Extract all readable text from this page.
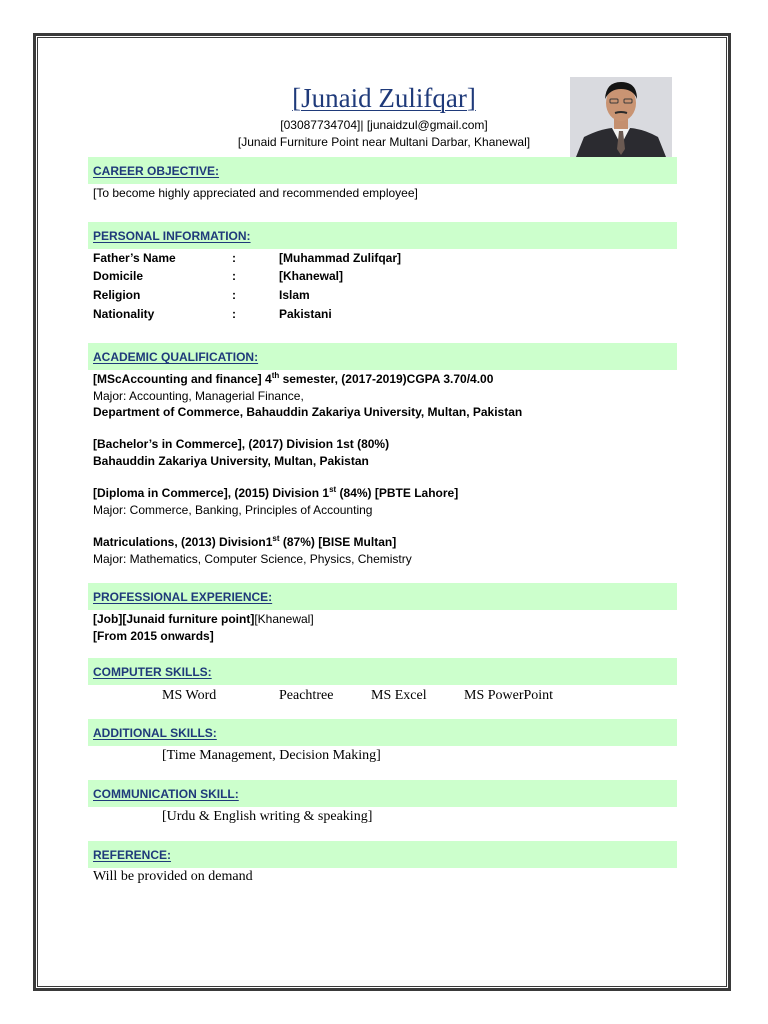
[Junaid Zulifqar]
[03087734704]| [junaidzul@gmail.com]
[Junaid Furniture Point near Multani Darbar, Khanewal]
CAREER OBJECTIVE:
[To become highly appreciated and recommended employee]
PERSONAL INFORMATION:
Father’s Name	:	[Muhammad Zulifqar]
Domicile	:	[Khanewal]
Religion	:	Islam
Nationality	:	Pakistani
ACADEMIC QUALIFICATION:
[MScAccounting and finance] 4th semester, (2017-2019)CGPA 3.70/4.00
Major: Accounting, Managerial Finance,
Department of Commerce, Bahauddin Zakariya University, Multan, Pakistan
[Bachelor’s in Commerce], (2017) Division 1st (80%)
Bahauddin Zakariya University, Multan, Pakistan
[Diploma in Commerce], (2015) Division 1st (84%) [PBTE Lahore]
Major: Commerce, Banking, Principles of Accounting
Matriculations, (2013) Division1st (87%) [BISE Multan]
Major: Mathematics, Computer Science, Physics, Chemistry
PROFESSIONAL EXPERIENCE:
[Job][Junaid furniture point][Khanewal]
[From 2015 onwards]
COMPUTER SKILLS:
MS Word	Peachtree	MS Excel	MS PowerPoint
ADDITIONAL SKILLS:
[Time Management, Decision Making]
COMMUNICATION SKILL:
[Urdu & English writing & speaking]
REFERENCE:
Will be provided on demand
